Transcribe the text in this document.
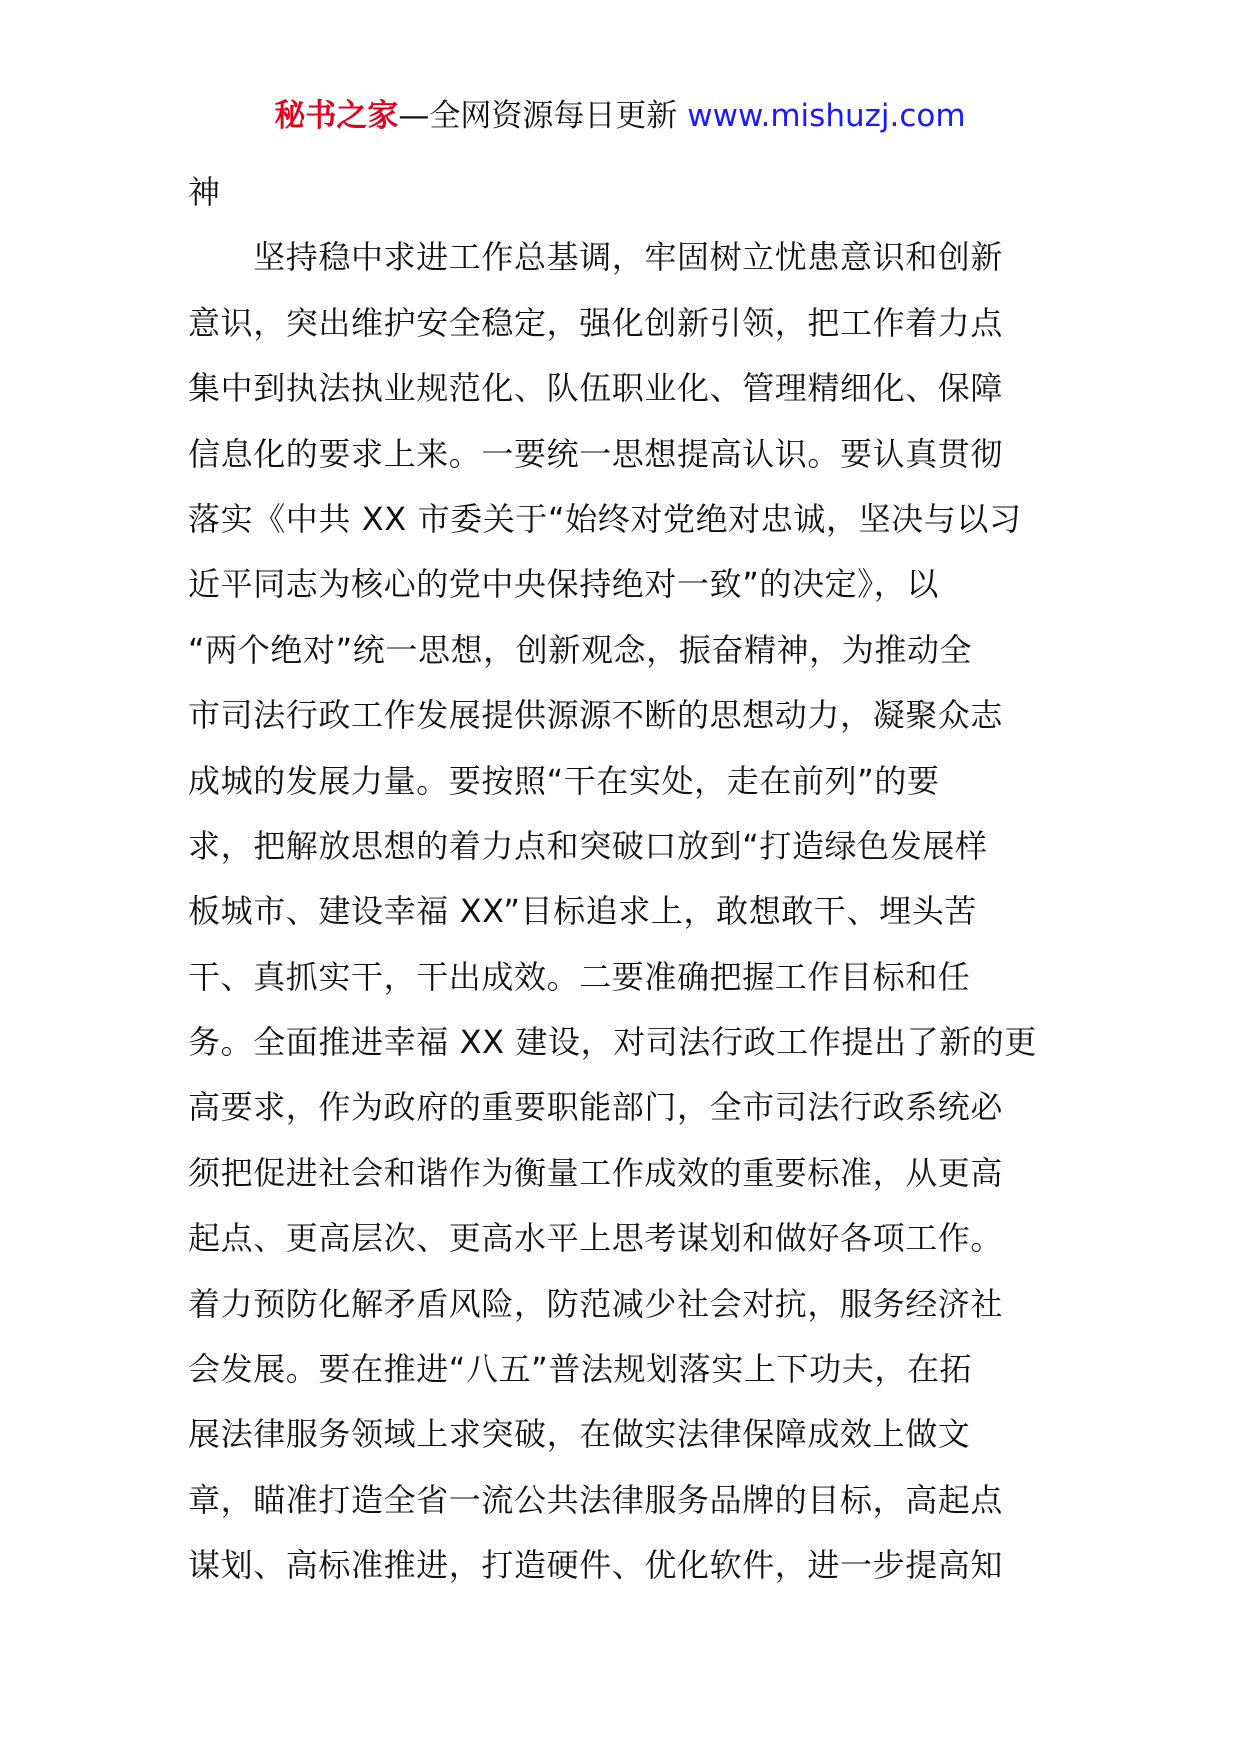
秘书之家—全网资源每日更新 www.mishuzj.com
神
　　坚持稳中求进工作总基调，牢固树立忧患意识和创新
意识，突出维护安全稳定，强化创新引领，把工作着力点
集中到执法执业规范化、队伍职业化、管理精细化、保障
信息化的要求上来。一要统一思想提高认识。要认真贯彻
落实《中共 XX 市委关于“始终对党绝对忠诚，坚决与以习
近平同志为核心的党中央保持绝对一致”的决定》，以
“两个绝对”统一思想，创新观念，振奋精神，为推动全
市司法行政工作发展提供源源不断的思想动力，凝聚众志
成城的发展力量。要按照“干在实处，走在前列”的要
求，把解放思想的着力点和突破口放到“打造绿色发展样
板城市、建设幸福 XX”目标追求上，敢想敢干、埋头苦
干、真抓实干，干出成效。二要准确把握工作目标和任
务。全面推进幸福 XX 建设，对司法行政工作提出了新的更
高要求，作为政府的重要职能部门，全市司法行政系统必
须把促进社会和谐作为衡量工作成效的重要标准，从更高
起点、更高层次、更高水平上思考谋划和做好各项工作。
着力预防化解矛盾风险，防范减少社会对抗，服务经济社
会发展。要在推进“八五”普法规划落实上下功夫，在拓
展法律服务领域上求突破，在做实法律保障成效上做文
章，瞄准打造全省一流公共法律服务品牌的目标，高起点
谋划、高标准推进，打造硬件、优化软件，进一步提高知
